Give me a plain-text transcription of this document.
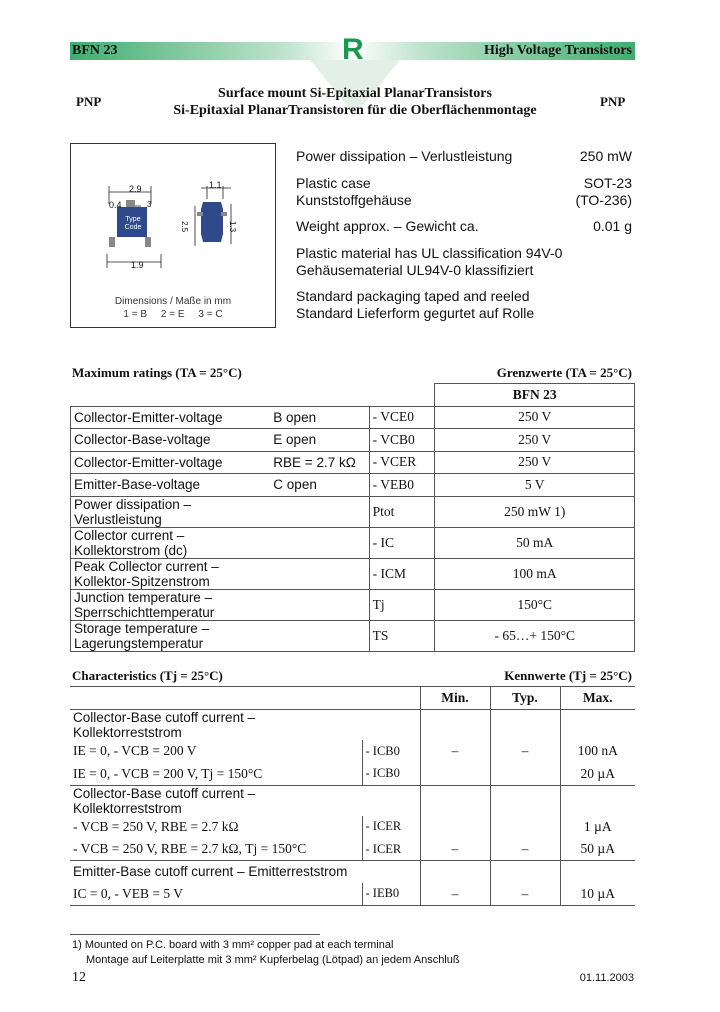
BFN 23	R	High Voltage Transistors
Surface mount Si-Epitaxial PlanarTransistors
Si-Epitaxial PlanarTransistoren für die Oberflächenmontage
PNP	PNP
2.9	1.1
0.4	3
2.5	1.3
1.9
Type Code
Dimensions / Maße in mm
1 = B     2 = E     3 = C
Power dissipation – Verlustleistung	250 mW
Plastic case	SOT-23
Kunststoffgehäuse	(TO-236)
Weight approx. – Gewicht ca.	0.01 g
Plastic material has UL classification 94V-0
Gehäusematerial UL94V-0 klassifiziert
Standard packaging taped and reeled
Standard Lieferform gegurtet auf Rolle
Maximum ratings (TA = 25°C)	Grenzwerte (TA = 25°C)
			BFN 23
Collector-Emitter-voltage	B open	- VCE0	250 V
Collector-Base-voltage	E open	- VCB0	250 V
Collector-Emitter-voltage	RBE = 2.7 kΩ	- VCER	250 V
Emitter-Base-voltage	C open	- VEB0	5 V
Power dissipation – Verlustleistung		Ptot	250 mW 1)
Collector current – Kollektorstrom (dc)		- IC	50 mA
Peak Collector current – Kollektor-Spitzenstrom		- ICM	100 mA
Junction temperature – Sperrschichttemperatur		Tj	150°C
Storage temperature – Lagerungstemperatur		TS	- 65…+ 150°C
Characteristics (Tj = 25°C)	Kennwerte (Tj = 25°C)
		Min.	Typ.	Max.
Collector-Base cutoff current – Kollektorreststrom				
IE = 0, - VCB = 200 V	- ICB0	–	–	100 nA
IE = 0, - VCB = 200 V, Tj = 150°C	- ICB0			20 µA
Collector-Base cutoff current – Kollektorreststrom				
- VCB = 250 V, RBE = 2.7 kΩ	- ICER			1 µA
- VCB = 250 V, RBE = 2.7 kΩ, Tj = 150°C	- ICER	–	–	50 µA
Emitter-Base cutoff current – Emitterreststrom				
IC = 0, - VEB = 5 V	- IEB0	–	–	10 µA
1) Mounted on P.C. board with 3 mm² copper pad at each terminal
Montage auf Leiterplatte mit 3 mm² Kupferbelag (Lötpad) an jedem Anschluß
12	01.11.2003
